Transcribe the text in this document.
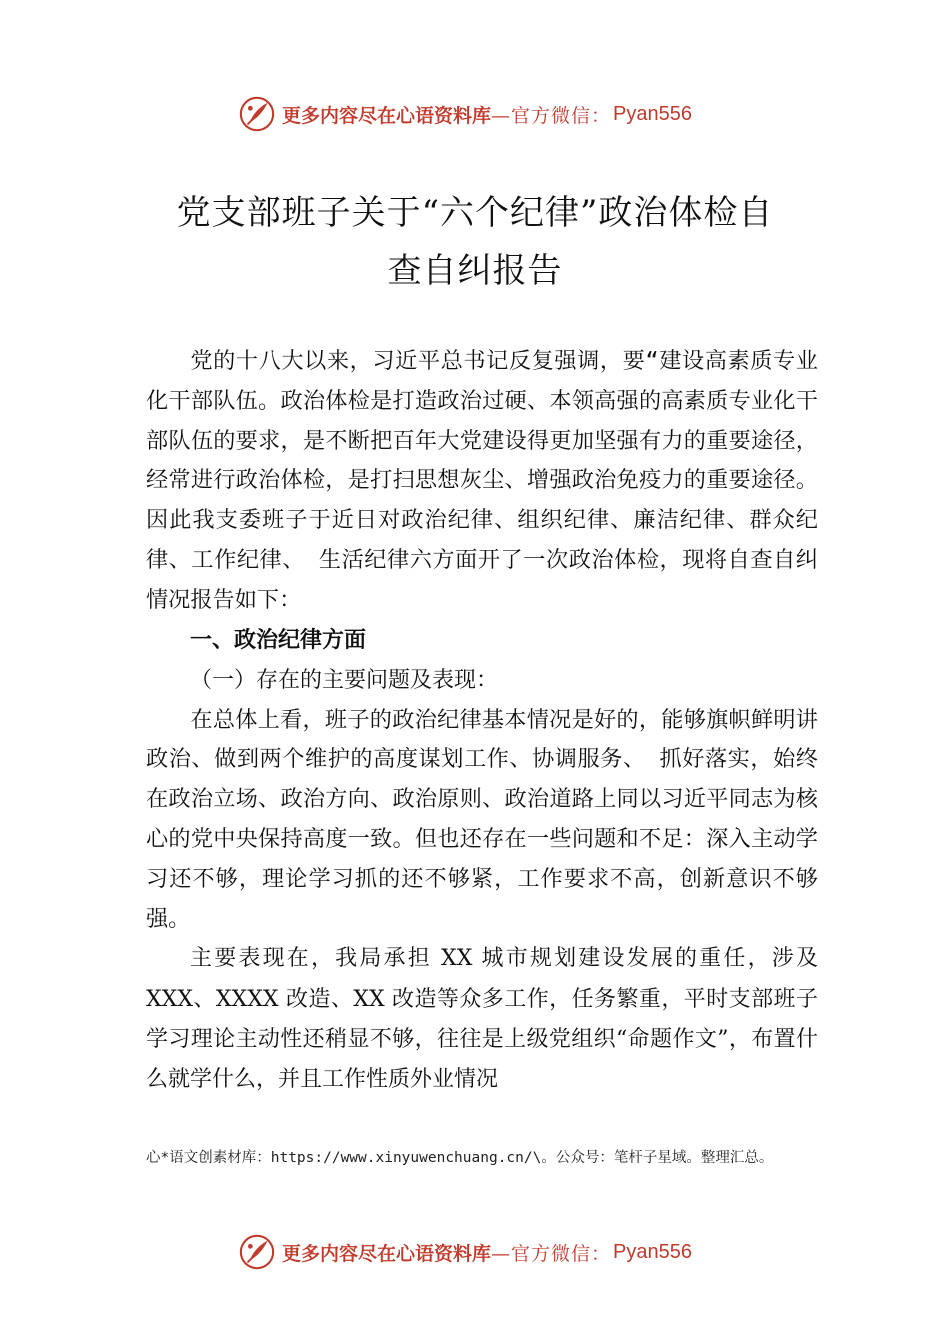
更多内容尽在心语资料库 —官方微信： Pyan556
党支部班子关于“六个纪律”政治体检自
查自纠报告

党的十八大以来，习近平总书记反复强调，要“建设高素质专业化干部队伍。政治体检是打造政治过硬、本领高强的高素质专业化干部队伍的要求，是不断把百年大党建设得更加坚强有力的重要途径，经常进行政治体检，是打扫思想灰尘、增强政治免疫力的重要途径。因此我支委班子于近日对政治纪律、组织纪律、廉洁纪律、群众纪律、工作纪律、 生活纪律六方面开了一次政治体检，现将自查自纠情况报告如下：

一、政治纪律方面

（一）存在的主要问题及表现：

在总体上看，班子的政治纪律基本情况是好的，能够旗帜鲜明讲政治、做到两个维护的高度谋划工作、协调服务、 抓好落实，始终在政治立场、政治方向、政治原则、政治道路上同以习近平同志为核心的党中央保持高度一致。但也还存在一些问题和不足：深入主动学习还不够，理论学习抓的还不够紧，工作要求不高，创新意识不够强。

主要表现在，我局承担 XX 城市规划建设发展的重任，涉及 XXX、XXXX 改造、XX 改造等众多工作，任务繁重，平时支部班子学习理论主动性还稍显不够，往往是上级党组织“命题作文”，布置什么就学什么，并且工作性质外业情况

心*语文创素材库：https://www.xinyuwenchuang.cn/\。公众号：笔杆子星域。整理汇总。
更多内容尽在心语资料库 —官方微信： Pyan556
